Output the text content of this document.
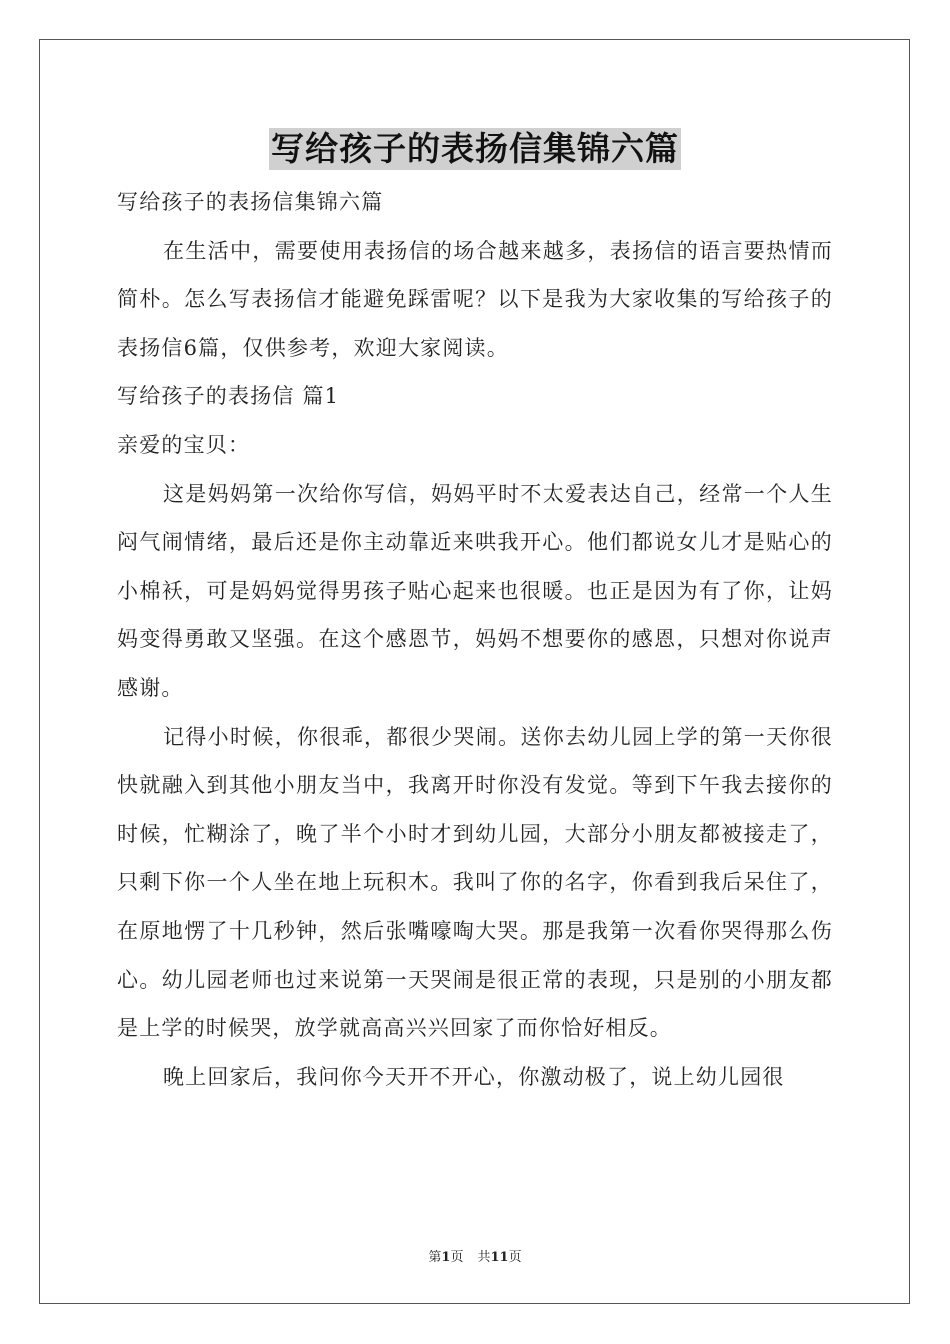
写给孩子的表扬信集锦六篇

写给孩子的表扬信集锦六篇

在生活中，需要使用表扬信的场合越来越多，表扬信的语言要热情而简朴。怎么写表扬信才能避免踩雷呢？以下是我为大家收集的写给孩子的表扬信6篇，仅供参考，欢迎大家阅读。

写给孩子的表扬信 篇1

亲爱的宝贝：

这是妈妈第一次给你写信，妈妈平时不太爱表达自己，经常一个人生闷气闹情绪，最后还是你主动靠近来哄我开心。他们都说女儿才是贴心的小棉袄，可是妈妈觉得男孩子贴心起来也很暖。也正是因为有了你，让妈妈变得勇敢又坚强。在这个感恩节，妈妈不想要你的感恩，只想对你说声感谢。

记得小时候，你很乖，都很少哭闹。送你去幼儿园上学的第一天你很快就融入到其他小朋友当中，我离开时你没有发觉。等到下午我去接你的时候，忙糊涂了，晚了半个小时才到幼儿园，大部分小朋友都被接走了，只剩下你一个人坐在地上玩积木。我叫了你的名字，你看到我后呆住了，在原地愣了十几秒钟，然后张嘴嚎啕大哭。那是我第一次看你哭得那么伤心。幼儿园老师也过来说第一天哭闹是很正常的表现，只是别的小朋友都是上学的时候哭，放学就高高兴兴回家了而你恰好相反。

晚上回家后，我问你今天开不开心，你激动极了，说上幼儿园很

第1页 共11页
